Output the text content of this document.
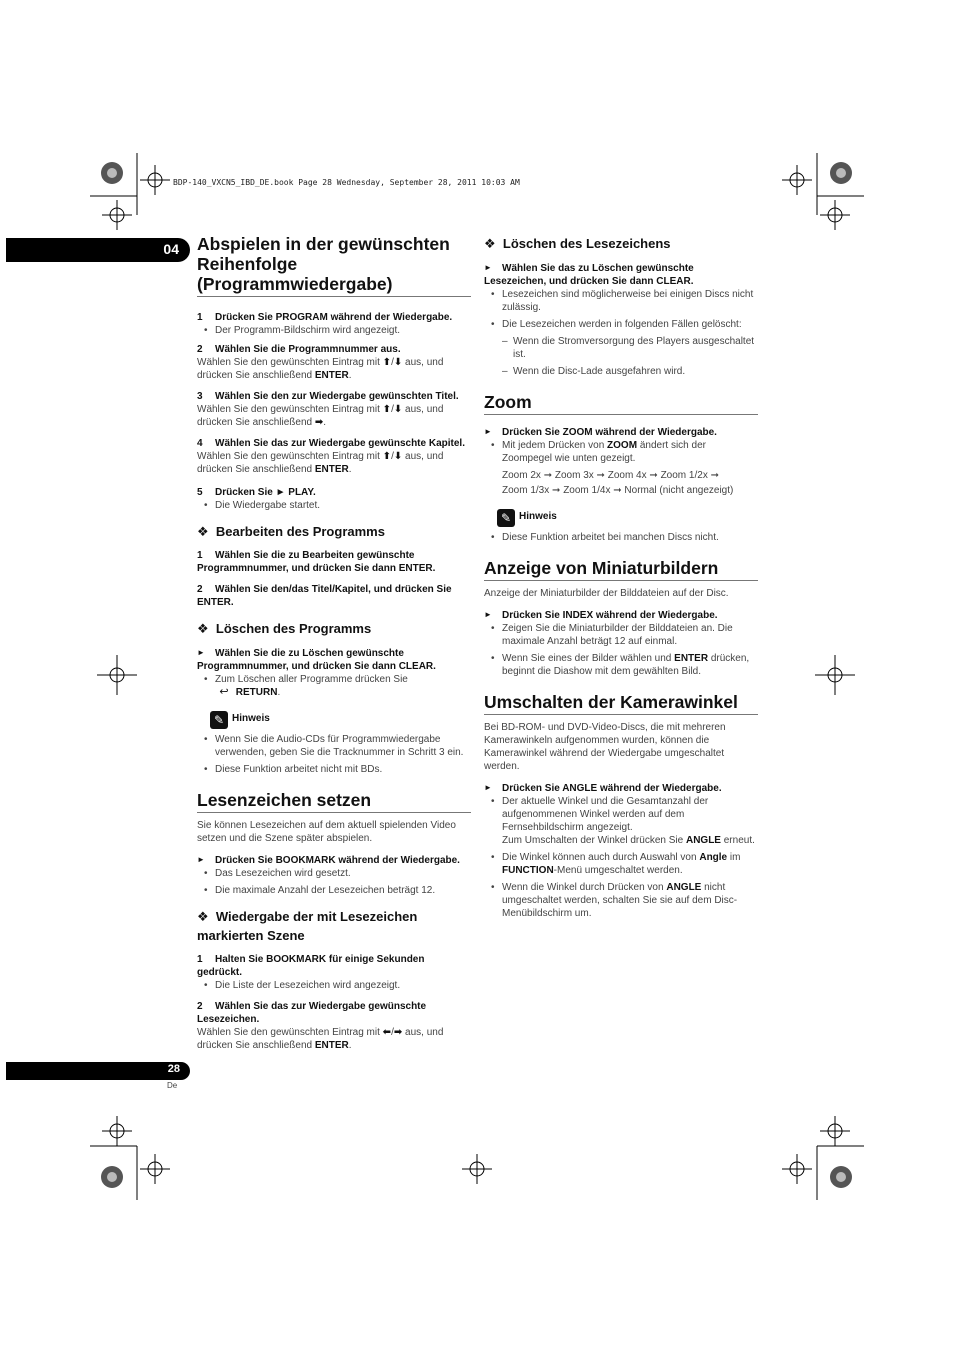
BDP-140_VXCN5_IBD_DE.book Page 28 Wednesday, September 28, 2011 10:03 AM
04
28
De
Abspielen in der gewünschten Reihenfolge (Programmwiedergabe)

1 Drücken Sie PROGRAM während der Wiedergabe.

• Der Programm-Bildschirm wird angezeigt.

2 Wählen Sie die Programmnummer aus.

Wählen Sie den gewünschten Eintrag mit ⬆/⬇ aus, und drücken Sie anschließend ENTER.

3 Wählen Sie den zur Wiedergabe gewünschten Titel.

Wählen Sie den gewünschten Eintrag mit ⬆/⬇ aus, und drücken Sie anschließend ➡.

4 Wählen Sie das zur Wiedergabe gewünschte Kapitel.

Wählen Sie den gewünschten Eintrag mit ⬆/⬇ aus, und drücken Sie anschließend ENTER.

5 Drücken Sie ► PLAY.

• Die Wiedergabe startet.
❖ Bearbeiten des Programms

1 Wählen Sie die zu Bearbeiten gewünschte Programmnummer, und drücken Sie dann ENTER.

2 Wählen Sie den/das Titel/Kapitel, und drücken Sie ENTER.

❖ Löschen des Programms

► Wählen Sie die zu Löschen gewünschte Programmnummer, und drücken Sie dann CLEAR.

• Zum Löschen aller Programme drücken Sie
↩ RETURN.
✎ Hinweis
• Wenn Sie die Audio-CDs für Programmwiedergabe verwenden, geben Sie die Tracknummer in Schritt 3 ein.
• Diese Funktion arbeitet nicht mit BDs.
Lesenzeichen setzen

Sie können Lesezeichen auf dem aktuell spielenden Video setzen und die Szene später abspielen.

► Drücken Sie BOOKMARK während der Wiedergabe.

• Das Lesezeichen wird gesetzt.
• Die maximale Anzahl der Lesezeichen beträgt 12.
❖ Wiedergabe der mit Lesezeichen markierten Szene

1 Halten Sie BOOKMARK für einige Sekunden gedrückt.

• Die Liste der Lesezeichen wird angezeigt.

2 Wählen Sie das zur Wiedergabe gewünschte Lesezeichen.

Wählen Sie den gewünschten Eintrag mit ⬅/➡ aus, und drücken Sie anschließend ENTER.

❖ Löschen des Lesezeichens

► Wählen Sie das zu Löschen gewünschte Lesezeichen, und drücken Sie dann CLEAR.

• Lesezeichen sind möglicherweise bei einigen Discs nicht zulässig.
• Die Lesezeichen werden in folgenden Fällen gelöscht:
– Wenn die Stromversorgung des Players ausgeschaltet ist.
– Wenn die Disc-Lade ausgefahren wird.
Zoom

► Drücken Sie ZOOM während der Wiedergabe.

• Mit jedem Drücken von ZOOM ändert sich der Zoompegel wie unten gezeigt.
Zoom 2x ➞ Zoom 3x ➞ Zoom 4x ➞ Zoom 1/2x ➞
Zoom 1/3x ➞ Zoom 1/4x ➞ Normal (nicht angezeigt)
✎ Hinweis
• Diese Funktion arbeitet bei manchen Discs nicht.
Anzeige von Miniaturbildern

Anzeige der Miniaturbilder der Bilddateien auf der Disc.

► Drücken Sie INDEX während der Wiedergabe.

• Zeigen Sie die Miniaturbilder der Bilddateien an. Die maximale Anzahl beträgt 12 auf einmal.
• Wenn Sie eines der Bilder wählen und ENTER drücken, beginnt die Diashow mit dem gewählten Bild.
Umschalten der Kamerawinkel

Bei BD-ROM- und DVD-Video-Discs, die mit mehreren Kamerawinkeln aufgenommen wurden, können die Kamerawinkel während der Wiedergabe umgeschaltet werden.

► Drücken Sie ANGLE während der Wiedergabe.

• Der aktuelle Winkel und die Gesamtanzahl der aufgenommenen Winkel werden auf dem Fernsehbildschirm angezeigt.
Zum Umschalten der Winkel drücken Sie ANGLE erneut.
• Die Winkel können auch durch Auswahl von Angle im FUNCTION-Menü umgeschaltet werden.
• Wenn die Winkel durch Drücken von ANGLE nicht umgeschaltet werden, schalten Sie sie auf dem Disc-Menübildschirm um.
